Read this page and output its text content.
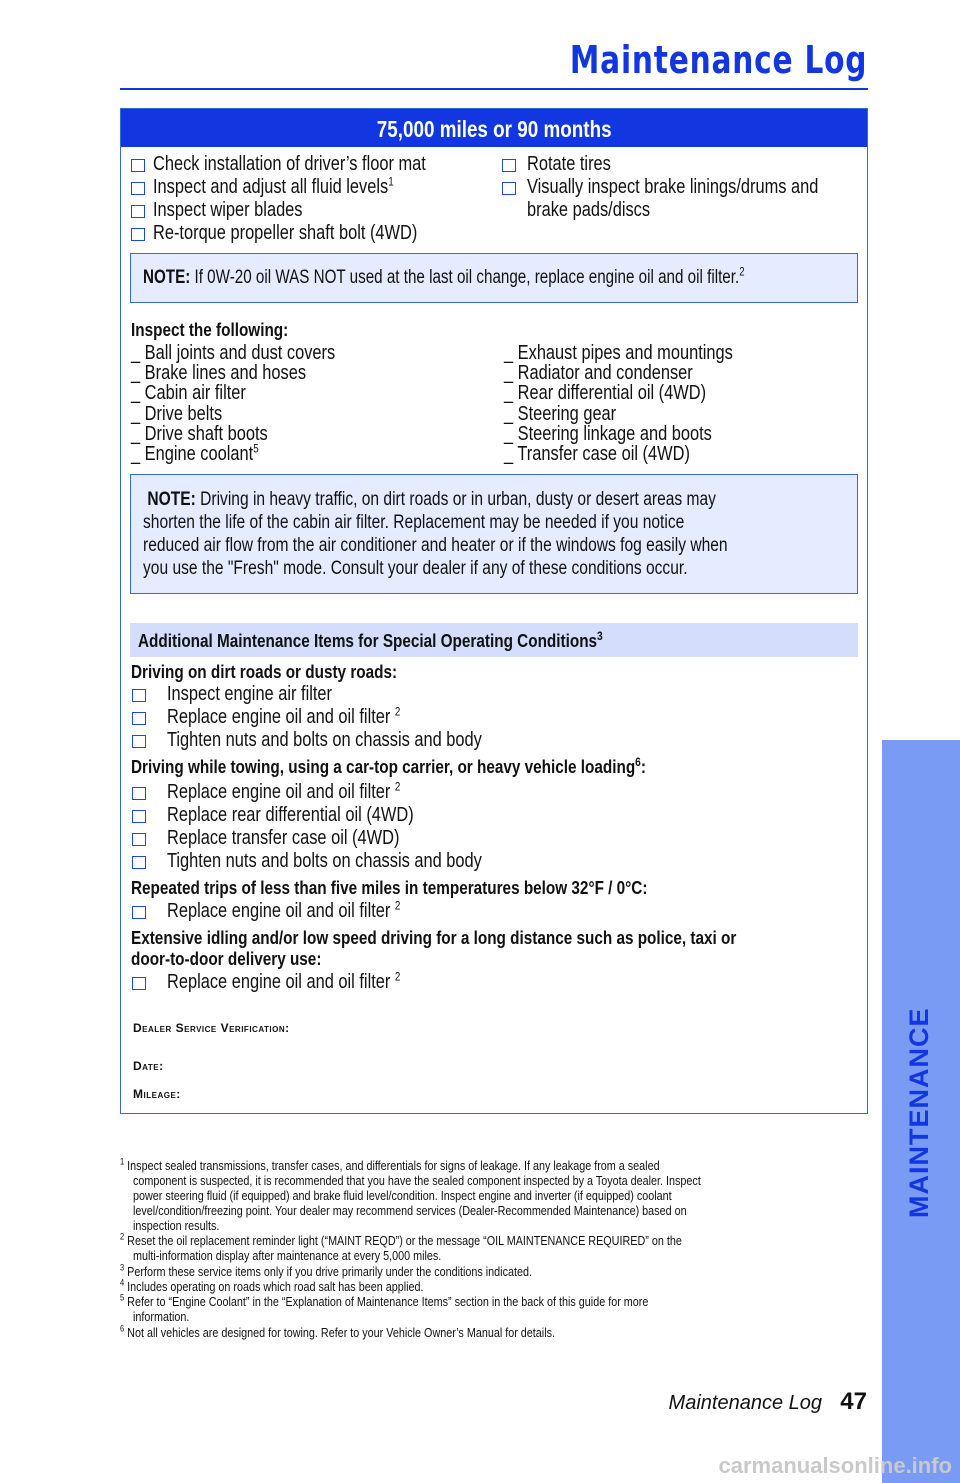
Maintenance Log
75,000 miles or 90 months
Check installation of driver’s floor mat
Inspect and adjust all fluid levels$^1$
Inspect wiper blades
Re-torque propeller shaft bolt (4WD)
Rotate tires
Visually inspect brake linings/drums and
brake pads/discs
NOTE: If 0W-20 oil WAS NOT used at the last oil change, replace engine oil and oil filter.$^2$
Inspect the following:
_ Ball joints and dust covers
_ Brake lines and hoses
_ Cabin air filter
_ Drive belts
_ Drive shaft boots
_ Engine coolant$^5$
_ Exhaust pipes and mountings
_ Radiator and condenser
_ Rear differential oil (4WD)
_ Steering gear
_ Steering linkage and boots
_ Transfer case oil (4WD)
NOTE: Driving in heavy traffic, on dirt roads or in urban, dusty or desert areas may
shorten the life of the cabin air filter. Replacement may be needed if you notice
reduced air flow from the air conditioner and heater or if the windows fog easily when
you use the "Fresh" mode. Consult your dealer if any of these conditions occur.
Additional Maintenance Items for Special Operating Conditions$^3$
Driving on dirt roads or dusty roads:
Inspect engine air filter
Replace engine oil and oil filter $^2$
Tighten nuts and bolts on chassis and body
Driving while towing, using a car-top carrier, or heavy vehicle loading$^6$:
Replace engine oil and oil filter $^2$
Replace rear differential oil (4WD)
Replace transfer case oil (4WD)
Tighten nuts and bolts on chassis and body
Repeated trips of less than five miles in temperatures below 32°F / 0°C:
Replace engine oil and oil filter $^2$
Extensive idling and/or low speed driving for a long distance such as police, taxi or
door-to-door delivery use:
Replace engine oil and oil filter $^2$
Dealer Service Verification:
Date:
Mileage:
$^1$ Inspect sealed transmissions, transfer cases, and differentials for signs of leakage. If any leakage from a sealed
component is suspected, it is recommended that you have the sealed component inspected by a Toyota dealer. Inspect
power steering fluid (if equipped) and brake fluid level/condition. Inspect engine and inverter (if equipped) coolant
level/condition/freezing point. Your dealer may recommend services (Dealer-Recommended Maintenance) based on
inspection results.
$^2$ Reset the oil replacement reminder light (“MAINT REQD”) or the message “OIL MAINTENANCE REQUIRED” on the
multi-information display after maintenance at every 5,000 miles.
$^3$ Perform these service items only if you drive primarily under the conditions indicated.
$^4$ Includes operating on roads which road salt has been applied.
$^5$ Refer to “Engine Coolant” in the “Explanation of Maintenance Items” section in the back of this guide for more
information.
$^6$ Not all vehicles are designed for towing. Refer to your Vehicle Owner’s Manual for details.
Maintenance Log 47
MAINTENANCE
carmanualsonline.info
